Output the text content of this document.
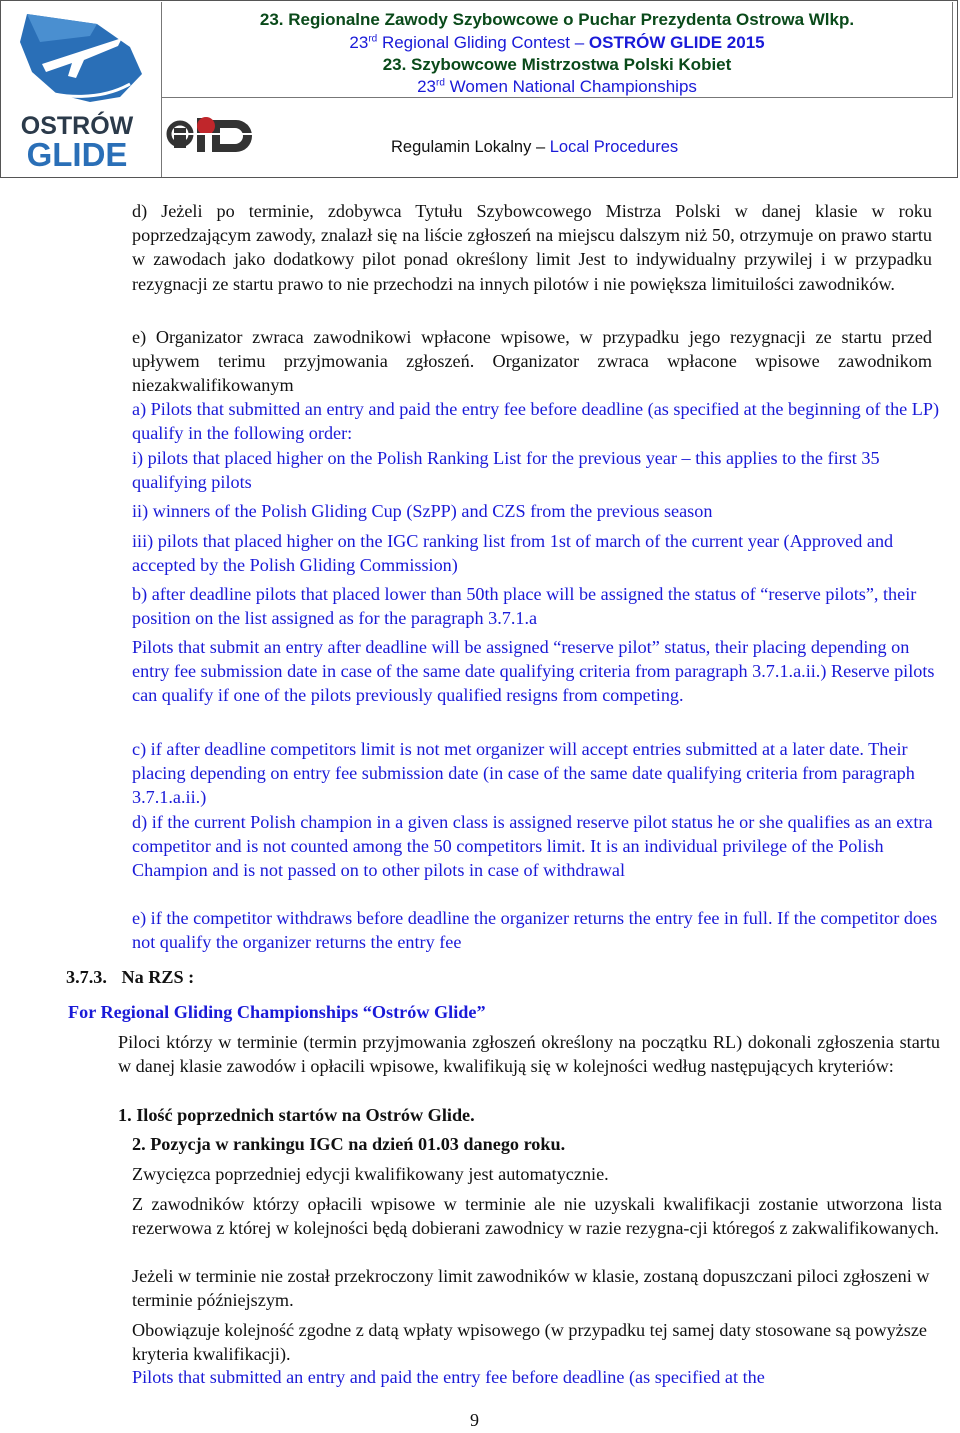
OSTRÓW
GLIDE
23. Regionalne Zawody Szybowcowe o Puchar Prezydenta Ostrowa Wlkp.
23rd Regional Gliding Contest – OSTRÓW GLIDE 2015
23. Szybowcowe Mistrzostwa Polski Kobiet
23rd Women National Championships
Regulamin Lokalny – Local Procedures
d) Jeżeli po terminie, zdobywca Tytułu Szybowcowego Mistrza Polski w danej klasie w roku poprzedzającym zawody, znalazł się na liście zgłoszeń na miejscu dalszym niż 50, otrzymuje on prawo startu w zawodach jako dodatkowy pilot ponad określony limit Jest to indywidualny przywilej i w przypadku rezygnacji ze startu prawo to nie przechodzi na innych pilotów i nie powiększa limituilości zawodników.
e) Organizator zwraca zawodnikowi wpłacone wpisowe, w przypadku jego rezygnacji ze startu przed upływem terimu przyjmowania zgłoszeń. Organizator zwraca wpłacone wpisowe zawodnikom niezakwalifikowanym
a) Pilots that submitted an entry and paid the entry fee before deadline (as specified at the beginning of the LP) qualify in the following order:
i) pilots that placed higher on the Polish Ranking List for the previous year – this applies to the first 35 qualifying pilots
ii) winners of the Polish Gliding Cup (SzPP) and CZS from the previous season
iii) pilots that placed higher on the IGC ranking list from 1st of march of the current year (Approved and accepted by the Polish Gliding Commission)
b) after deadline pilots that placed lower than 50th place will be assigned the status of “reserve pilots”, their position on the list assigned as for the paragraph 3.7.1.a
Pilots that submit an entry after deadline will be assigned “reserve pilot” status, their placing depending on entry fee submission date in case of the same date qualifying criteria from paragraph 3.7.1.a.ii.) Reserve pilots can qualify if one of the pilots previously qualified resigns from competing.
c) if after deadline competitors limit is not met organizer will accept entries submitted at a later date. Their placing depending on entry fee submission date (in case of the same date qualifying criteria from paragraph 3.7.1.a.ii.)
d) if the current Polish champion in a given class is assigned reserve pilot status he or she qualifies as an extra competitor and is not counted among the 50 competitors limit. It is an individual privilege of the Polish Champion and is not passed on to other pilots in case of withdrawal
e) if the competitor withdraws before deadline the organizer returns the entry fee in full. If the competitor does not qualify the organizer returns the entry fee
3.7.3. Na RZS :
For Regional Gliding Championships “Ostrów Glide”
Piloci którzy w terminie (termin przyjmowania zgłoszeń określony na początku RL) dokonali zgłoszenia startu w danej klasie zawodów i opłacili wpisowe, kwalifikują się w kolejności według następujących kryteriów:
1. Ilość poprzednich startów na Ostrów Glide.
2. Pozycja w rankingu IGC na dzień 01.03 danego roku.
Zwycięzca poprzedniej edycji kwalifikowany jest automatycznie.
Z zawodników którzy opłacili wpisowe w terminie ale nie uzyskali kwalifikacji zostanie utworzona lista rezerwowa z której w kolejności będą dobierani zawodnicy w razie rezygna-cji któregoś z zakwalifikowanych.
Jeżeli w terminie nie został przekroczony limit zawodników w klasie, zostaną dopuszczani piloci zgłoszeni w terminie późniejszym.
Obowiązuje kolejność zgodne z datą wpłaty wpisowego (w przypadku tej samej daty stosowane są powyższe kryteria kwalifikacji).
Pilots that submitted an entry and paid the entry fee before deadline (as specified at the
9
